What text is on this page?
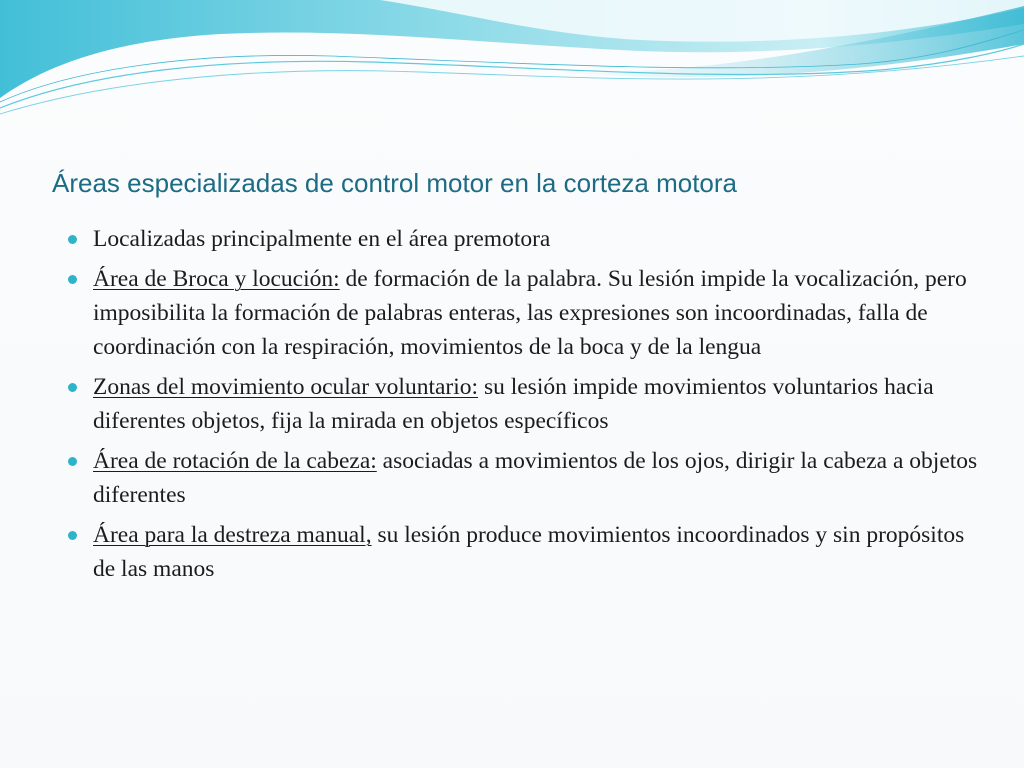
Áreas especializadas de control motor en la corteza motora
Localizadas principalmente en el área premotora
Área de Broca y locución: de formación de la palabra. Su lesión impide la vocalización, pero imposibilita la formación de palabras enteras, las expresiones son incoordinadas, falla de coordinación con la respiración, movimientos de la boca y de la lengua
Zonas del movimiento ocular voluntario: su lesión impide movimientos voluntarios hacia diferentes objetos, fija la mirada en objetos específicos
Área de rotación de la cabeza: asociadas a movimientos de los ojos, dirigir la cabeza a objetos diferentes
Área para la destreza manual, su lesión produce movimientos incoordinados y sin propósitos de las manos
